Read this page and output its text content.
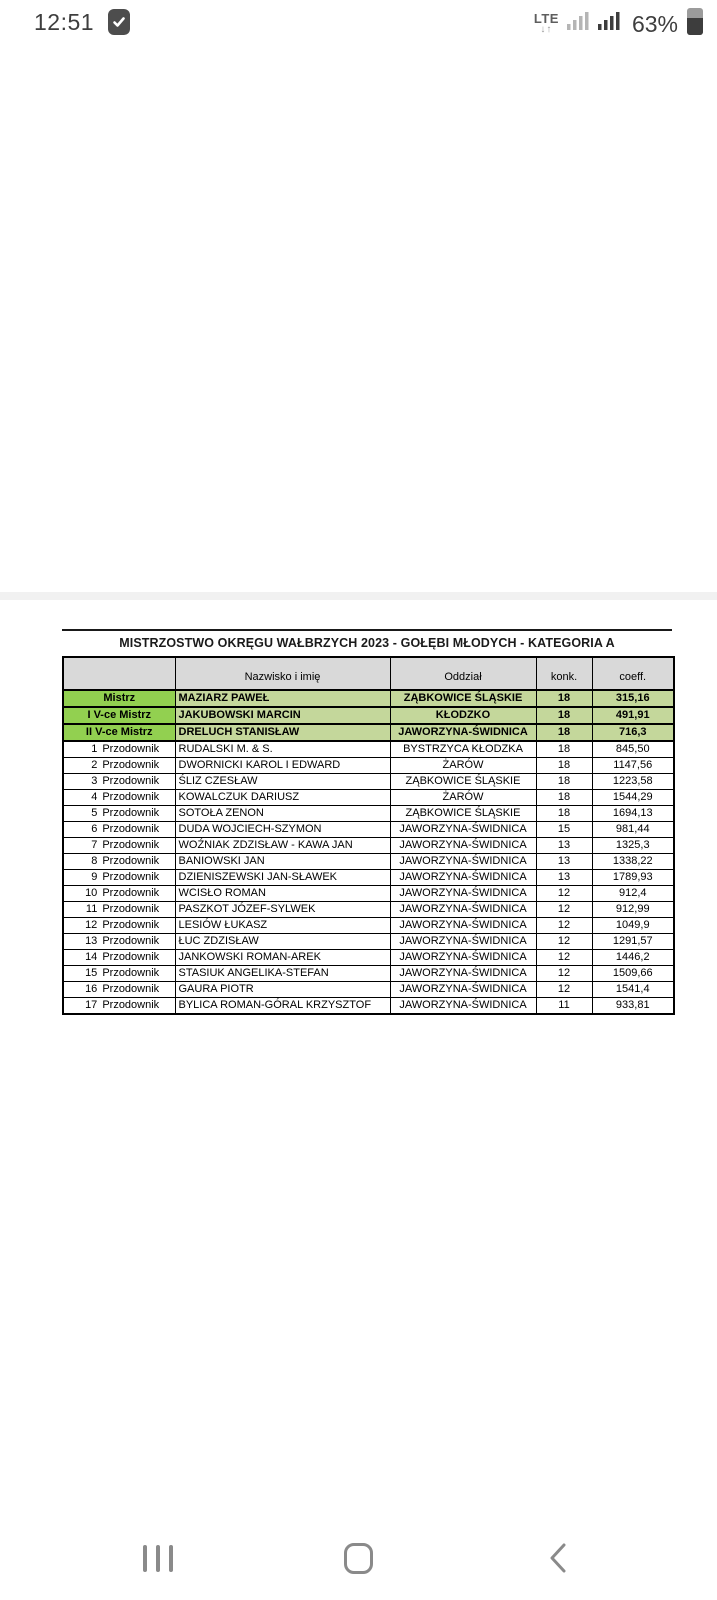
12:51	LTE
↓↑	63%
MISTRZOSTWO OKRĘGU WAŁBRZYCH 2023 - GOŁĘBI MŁODYCH - KATEGORIA A
	Nazwisko i imię	Oddział	konk.	coeff.
Mistrz	MAZIARZ PAWEŁ	ZĄBKOWICE ŚLĄSKIE	18	315,16
I V-ce Mistrz	JAKUBOWSKI MARCIN	KŁODZKO	18	491,91
II V-ce Mistrz	DRELUCH STANISŁAW	JAWORZYNA-ŚWIDNICA	18	716,3
1 Przodownik	RUDALSKI M. & S.	BYSTRZYCA KŁODZKA	18	845,50
2 Przodownik	DWORNICKI KAROL I EDWARD	ŻARÓW	18	1147,56
3 Przodownik	ŚLIZ CZESŁAW	ZĄBKOWICE ŚLĄSKIE	18	1223,58
4 Przodownik	KOWALCZUK DARIUSZ	ŻARÓW	18	1544,29
5 Przodownik	SOTOŁA ZENON	ZĄBKOWICE ŚLĄSKIE	18	1694,13
6 Przodownik	DUDA WOJCIECH-SZYMON	JAWORZYNA-ŚWIDNICA	15	981,44
7 Przodownik	WOŹNIAK ZDZISŁAW - KAWA JAN	JAWORZYNA-ŚWIDNICA	13	1325,3
8 Przodownik	BANIOWSKI JAN	JAWORZYNA-ŚWIDNICA	13	1338,22
9 Przodownik	DZIENISZEWSKI JAN-SŁAWEK	JAWORZYNA-ŚWIDNICA	13	1789,93
10 Przodownik	WCISŁO ROMAN	JAWORZYNA-ŚWIDNICA	12	912,4
11 Przodownik	PASZKOT JÓZEF-SYLWEK	JAWORZYNA-ŚWIDNICA	12	912,99
12 Przodownik	LESIÓW ŁUKASZ	JAWORZYNA-ŚWIDNICA	12	1049,9
13 Przodownik	ŁUC ZDZISŁAW	JAWORZYNA-ŚWIDNICA	12	1291,57
14 Przodownik	JANKOWSKI ROMAN-AREK	JAWORZYNA-ŚWIDNICA	12	1446,2
15 Przodownik	STASIUK ANGELIKA-STEFAN	JAWORZYNA-ŚWIDNICA	12	1509,66
16 Przodownik	GAURA PIOTR	JAWORZYNA-ŚWIDNICA	12	1541,4
17 Przodownik	BYLICA ROMAN-GÓRAL KRZYSZTOF	JAWORZYNA-ŚWIDNICA	11	933,81
